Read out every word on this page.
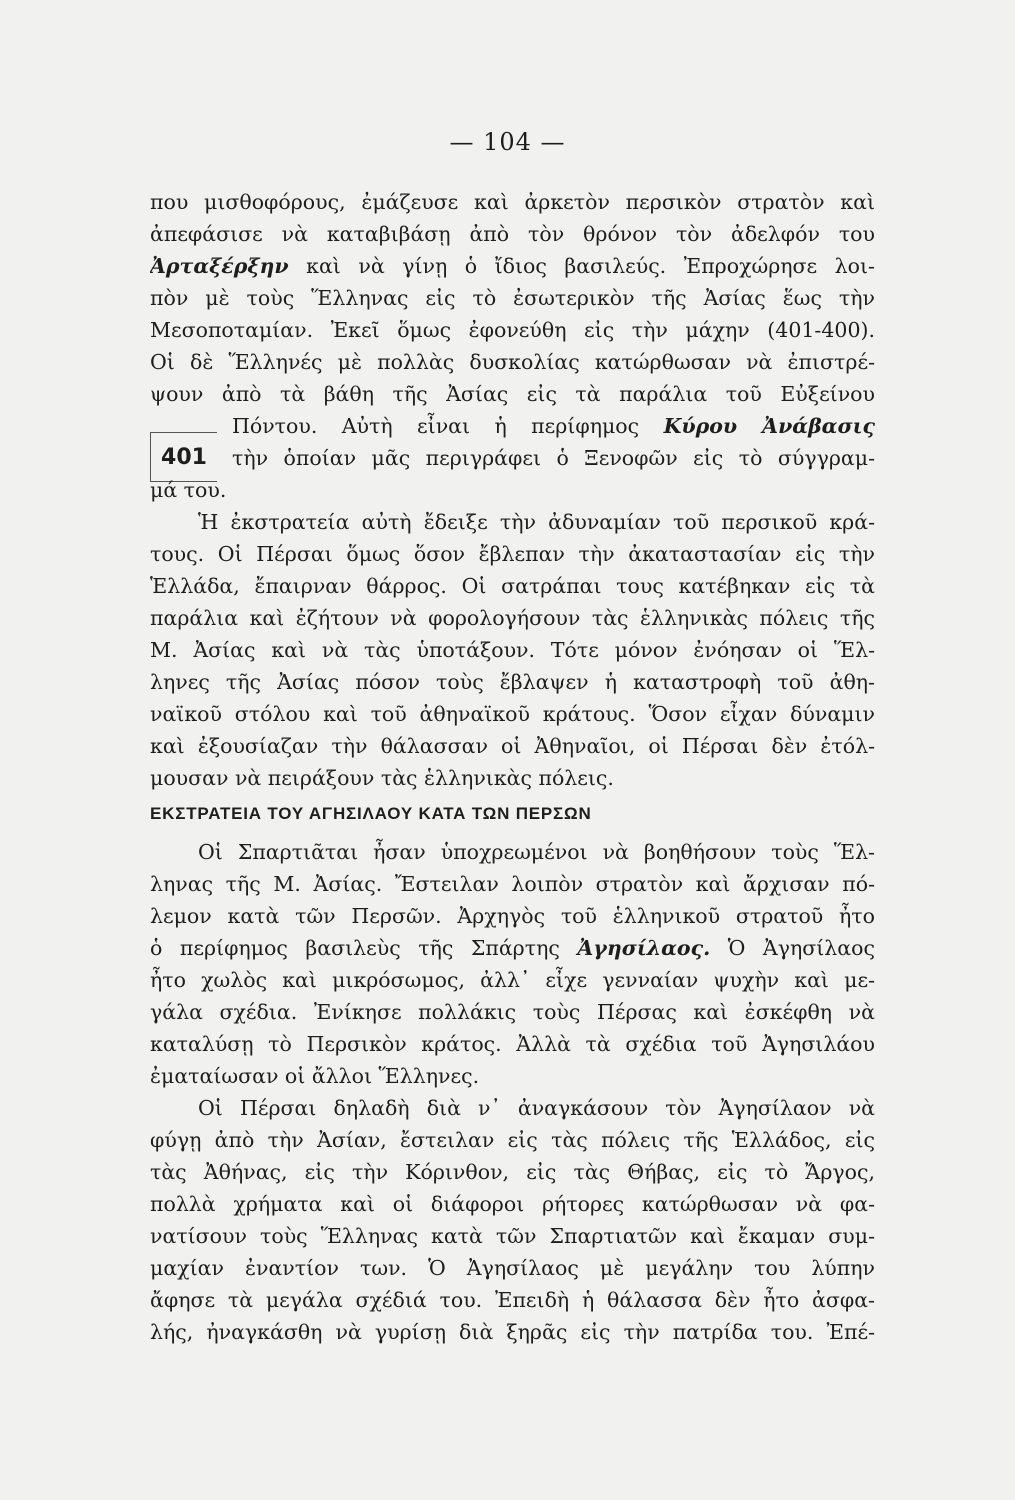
— 104 —
401
που μισθοφόρους, ἐμάζευσε καὶ ἀρκετὸν περσικὸν στρατὸν καὶ
ἀπεφάσισε νὰ καταβιβάσῃ ἀπὸ τὸν θρόνον τὸν ἀδελφόν του
Ἀρταξέρξην καὶ νὰ γίνῃ ὁ ἴδιος βασιλεύς. Ἐπροχώρησε λοι-
πὸν μὲ τοὺς Ἕλληνας εἰς τὸ ἐσωτερικὸν τῆς Ἀσίας ἕως τὴν
Μεσοποταμίαν. Ἐκεῖ ὅμως ἐφονεύθη εἰς τὴν μάχην (401-400).
Οἱ δὲ Ἕλληνές μὲ πολλὰς δυσκολίας κατώρθωσαν νὰ ἐπιστρέ-
ψουν ἀπὸ τὰ βάθη τῆς Ἀσίας εἰς τὰ παράλια τοῦ Εὐξείνου
Πόντου. Αὐτὴ εἶναι ἡ περίφημος Κύρου Ἀνάβασις
τὴν ὁποίαν μᾶς περιγράφει ὁ Ξενοφῶν εἰς τὸ σύγγραμ-
μά του.
Ἡ ἐκστρατεία αὐτὴ ἔδειξε τὴν ἀδυναμίαν τοῦ περσικοῦ κρά-
τους. Οἱ Πέρσαι ὅμως ὅσον ἔβλεπαν τὴν ἀκαταστασίαν εἰς τὴν
Ἑλλάδα, ἔπαιρναν θάρρος. Οἱ σατράπαι τους κατέβηκαν εἰς τὰ
παράλια καὶ ἐζήτουν νὰ φορολογήσουν τὰς ἑλληνικὰς πόλεις τῆς
Μ. Ἀσίας καὶ νὰ τὰς ὑποτάξουν. Τότε μόνον ἐνόησαν οἱ Ἕλ-
ληνες τῆς Ἀσίας πόσον τοὺς ἔβλαψεν ἡ καταστροφὴ τοῦ ἀθη-
ναϊκοῦ στόλου καὶ τοῦ ἀθηναϊκοῦ κράτους. Ὅσον εἶχαν δύναμιν
καὶ ἐξουσίαζαν τὴν θάλασσαν οἱ Ἀθηναῖοι, οἱ Πέρσαι δὲν ἐτόλ-
μουσαν νὰ πειράξουν τὰς ἑλληνικὰς πόλεις.
ΕΚΣΤΡΑΤΕΙΑ ΤΟΥ ΑΓΗΣΙΛΑΟΥ ΚΑΤΑ ΤΩΝ ΠΕΡΣΩΝ
Οἱ Σπαρτιᾶται ἦσαν ὑποχρεωμένοι νὰ βοηθήσουν τοὺς Ἕλ-
ληνας τῆς Μ. Ἀσίας. Ἔστειλαν λοιπὸν στρατὸν καὶ ἄρχισαν πό-
λεμον κατὰ τῶν Περσῶν. Ἀρχηγὸς τοῦ ἑλληνικοῦ στρατοῦ ἦτο
ὁ περίφημος βασιλεὺς τῆς Σπάρτης Ἀγησίλαος. Ὁ Ἀγησίλαος
ἦτο χωλὸς καὶ μικρόσωμος, ἀλλ᾽ εἶχε γενναίαν ψυχὴν καὶ με-
γάλα σχέδια. Ἐνίκησε πολλάκις τοὺς Πέρσας καὶ ἐσκέφθη νὰ
καταλύσῃ τὸ Περσικὸν κράτος. Ἀλλὰ τὰ σχέδια τοῦ Ἀγησιλάου
ἐματαίωσαν οἱ ἄλλοι Ἕλληνες.
Οἱ Πέρσαι δηλαδὴ διὰ ν᾽ ἀναγκάσουν τὸν Ἀγησίλαον νὰ
φύγῃ ἀπὸ τὴν Ἀσίαν, ἔστειλαν εἰς τὰς πόλεις τῆς Ἑλλάδος, εἰς
τὰς Ἀθήνας, εἰς τὴν Κόρινθον, εἰς τὰς Θήβας, εἰς τὸ Ἄργος,
πολλὰ χρήματα καὶ οἱ διάφοροι ρήτορες κατώρθωσαν νὰ φα-
νατίσουν τοὺς Ἕλληνας κατὰ τῶν Σπαρτιατῶν καὶ ἔκαμαν συμ-
μαχίαν ἐναντίον των. Ὁ Ἀγησίλαος μὲ μεγάλην του λύπην
ἄφησε τὰ μεγάλα σχέδιά του. Ἐπειδὴ ἡ θάλασσα δὲν ἦτο ἀσφα-
λής, ἠναγκάσθη νὰ γυρίσῃ διὰ ξηρᾶς εἰς τὴν πατρίδα του. Ἐπέ-
